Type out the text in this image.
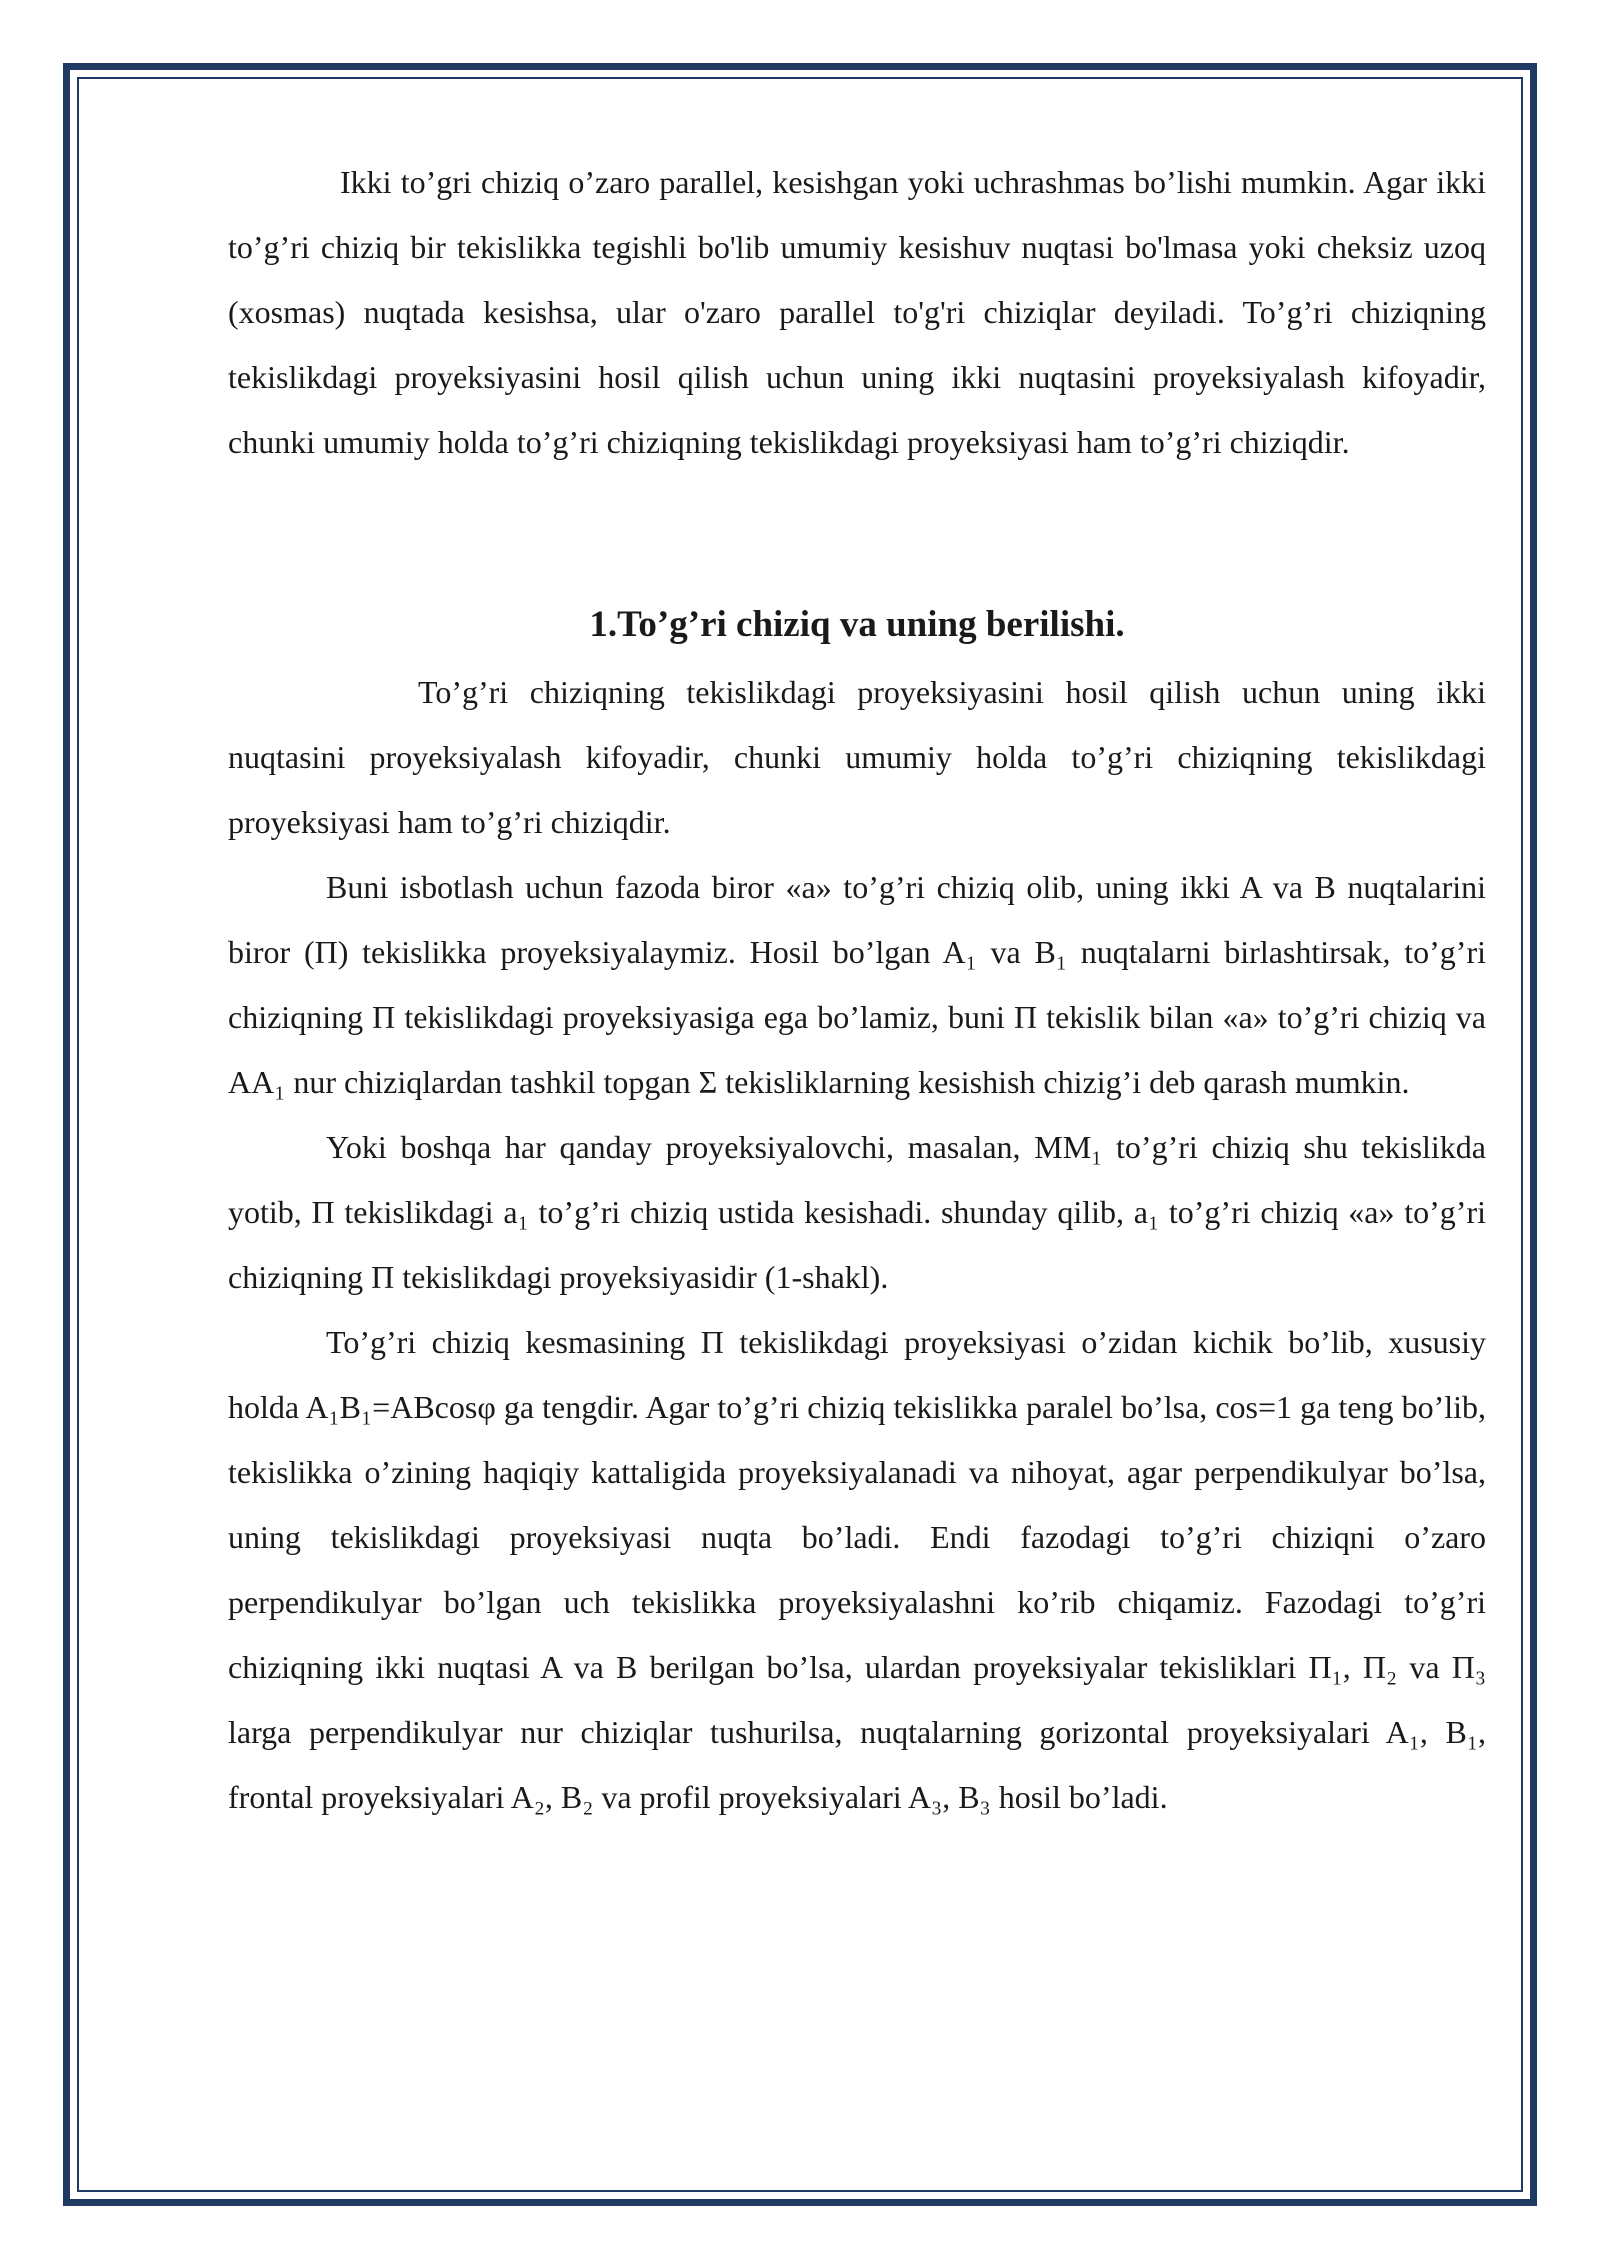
Ikki to’gri chiziq o’zaro parallel, kesishgan yoki uchrashmas bo’lishi mumkin. Agar ikki to’g’ri chiziq bir tekislikka tegishli bo'lib umumiy kesishuv nuqtasi bo'lmasa yoki cheksiz uzoq (xosmas) nuqtada kesishsa, ular o'zaro parallel to'g'ri chiziqlar deyiladi. To’g’ri chiziqning tekislikdagi proyeksiyasini hosil qilish uchun uning ikki nuqtasini proyeksiyalash kifoyadir, chunki umumiy holda to’g’ri chiziqning tekislikdagi proyeksiyasi ham to’g’ri chiziqdir.

1.To’g’ri chiziq va uning berilishi.

To’g’ri chiziqning tekislikdagi proyeksiyasini hosil qilish uchun uning ikki nuqtasini proyeksiyalash kifoyadir, chunki umumiy holda to’g’ri chiziqning tekislikdagi proyeksiyasi ham to’g’ri chiziqdir.

Buni isbotlash uchun fazoda biror «a» to’g’ri chiziq olib, uning ikki A va B nuqtalarini biror (Π) tekislikka proyeksiyalaymiz. Hosil bo’lgan A₁ va B₁ nuqtalarni birlashtirsak, to’g’ri chiziqning Π tekislikdagi proyeksiyasiga ega bo’lamiz, buni Π tekislik bilan «a» to’g’ri chiziq va AA₁ nur chiziqlardan tashkil topgan Σ tekisliklarning kesishish chizig’i deb qarash mumkin.

Yoki boshqa har qanday proyeksiyalovchi, masalan, MM₁ to’g’ri chiziq shu tekislikda yotib, Π tekislikdagi a₁ to’g’ri chiziq ustida kesishadi. shunday qilib, a₁ to’g’ri chiziq «a» to’g’ri chiziqning Π tekislikdagi proyeksiyasidir (1-shakl).

To’g’ri chiziq kesmasining Π tekislikdagi proyeksiyasi o’zidan kichik bo’lib, xususiy holda A₁B₁=ABcosφ ga tengdir. Agar to’g’ri chiziq tekislikka paralel bo’lsa, cos=1 ga teng bo’lib, tekislikka o’zining haqiqiy kattaligida proyeksiyalanadi va nihoyat, agar perpendikulyar bo’lsa, uning tekislikdagi proyeksiyasi nuqta bo’ladi. Endi fazodagi to’g’ri chiziqni o’zaro perpendikulyar bo’lgan uch tekislikka proyeksiyalashni ko’rib chiqamiz. Fazodagi to’g’ri chiziqning ikki nuqtasi A va B berilgan bo’lsa, ulardan proyeksiyalar tekisliklari Π₁, Π₂ va Π₃ larga perpendikulyar nur chiziqlar tushurilsa, nuqtalarning gorizontal proyeksiyalari A₁, B₁, frontal proyeksiyalari A₂, B₂ va profil proyeksiyalari A₃, B₃ hosil bo’ladi.
